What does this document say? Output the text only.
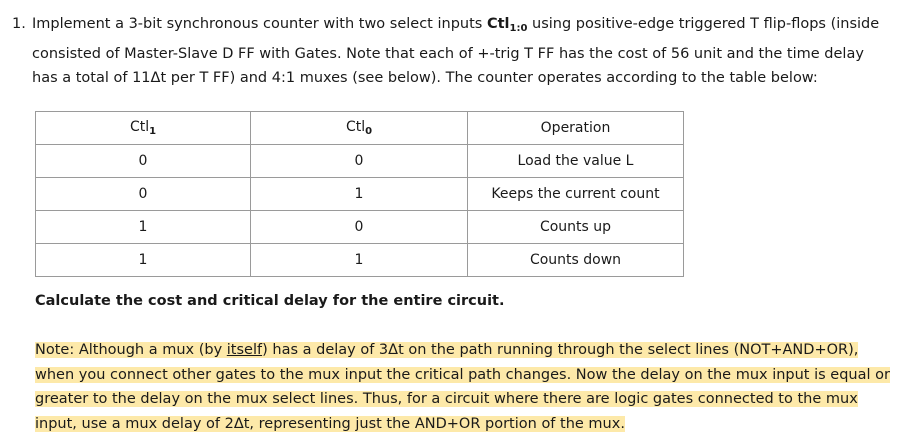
1. Implement a 3-bit synchronous counter with two select inputs Ctl$_{1:0}$ using positive-edge triggered T flip-flops (inside consisted of Master-Slave D FF with Gates. Note that each of +-trig T FF has the cost of 56 unit and the time delay has a total of 11Δt per T FF) and 4:1 muxes (see below). The counter operates according to the table below:
Ctl$_1$	Ctl$_0$	Operation
0	0	Load the value L
0	1	Keeps the current count
1	0	Counts up
1	1	Counts down
Calculate the cost and critical delay for the entire circuit.
Note: Although a mux (by itself) has a delay of 3Δt on the path running through the select lines (NOT+AND+OR), when you connect other gates to the mux input the critical path changes. Now the delay on the mux input is equal or greater to the delay on the mux select lines. Thus, for a circuit where there are logic gates connected to the mux input, use a mux delay of 2Δt, representing just the AND+OR portion of the mux.
